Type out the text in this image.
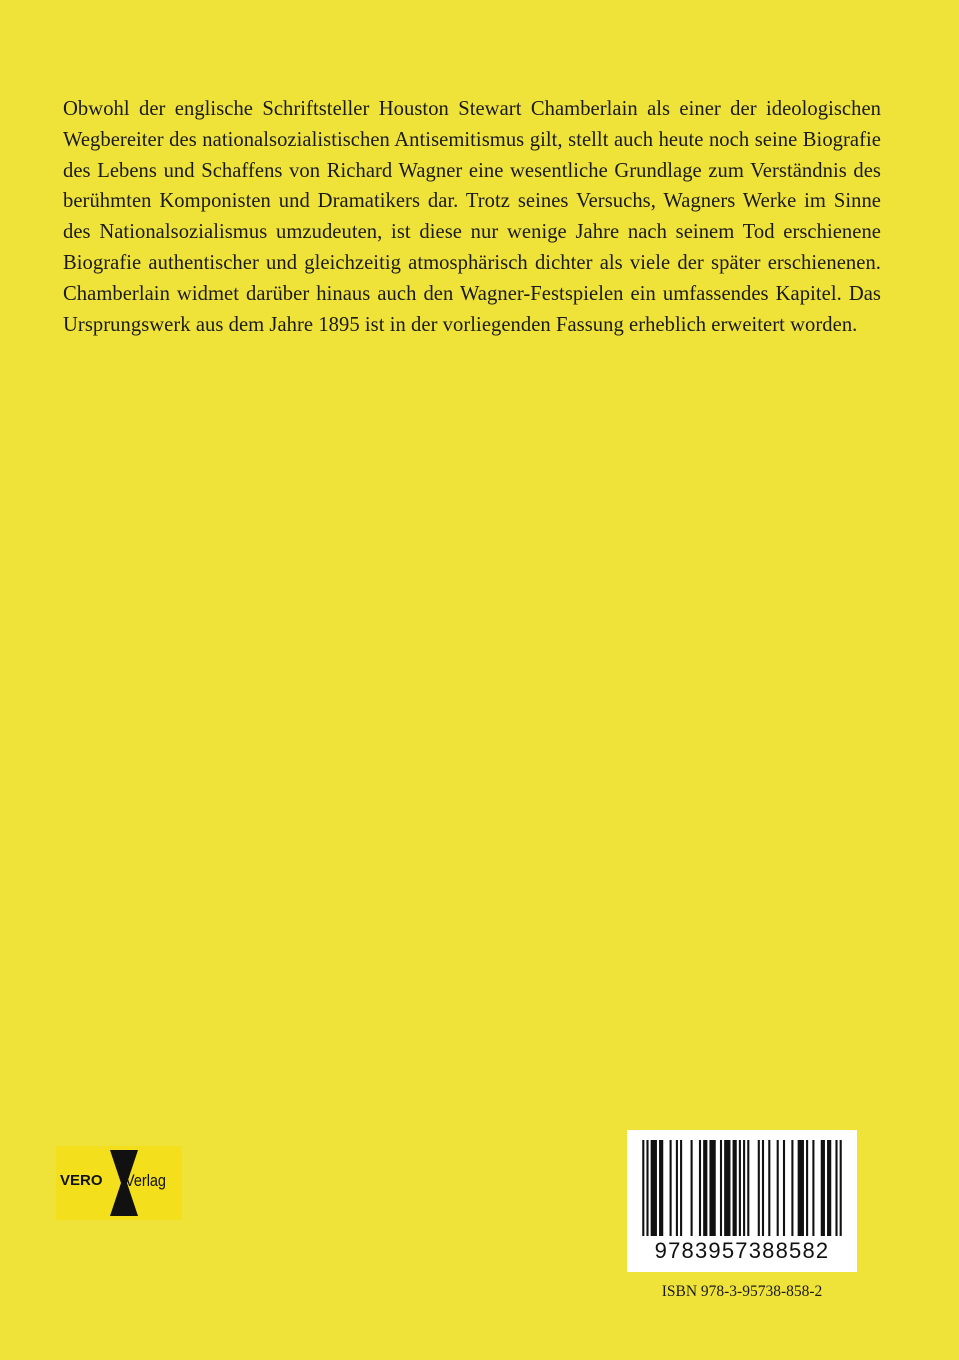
Obwohl der englische Schriftsteller Houston Stewart Chamberlain als einer der ideologischen Wegbereiter des nationalsozialistischen Antisemitismus gilt, stellt auch heute noch seine Biografie des Lebens und Schaffens von Richard Wagner eine wesentliche Grundlage zum Verständnis des berühmten Komponisten und Dramatikers dar. Trotz seines Versuchs, Wagners Werke im Sinne des Nationalsozialismus umzudeuten, ist diese nur wenige Jahre nach seinem Tod erschienene Biografie authentischer und gleichzeitig atmosphärisch dichter als viele der später erschienenen. Chamberlain widmet darüber hinaus auch den Wagner-Festspielen ein umfassendes Kapitel. Das Ursprungswerk aus dem Jahre 1895 ist in der vorliegenden Fassung erheblich erweitert worden.

VERO Verlag
9783957388582
ISBN 978-3-95738-858-2
